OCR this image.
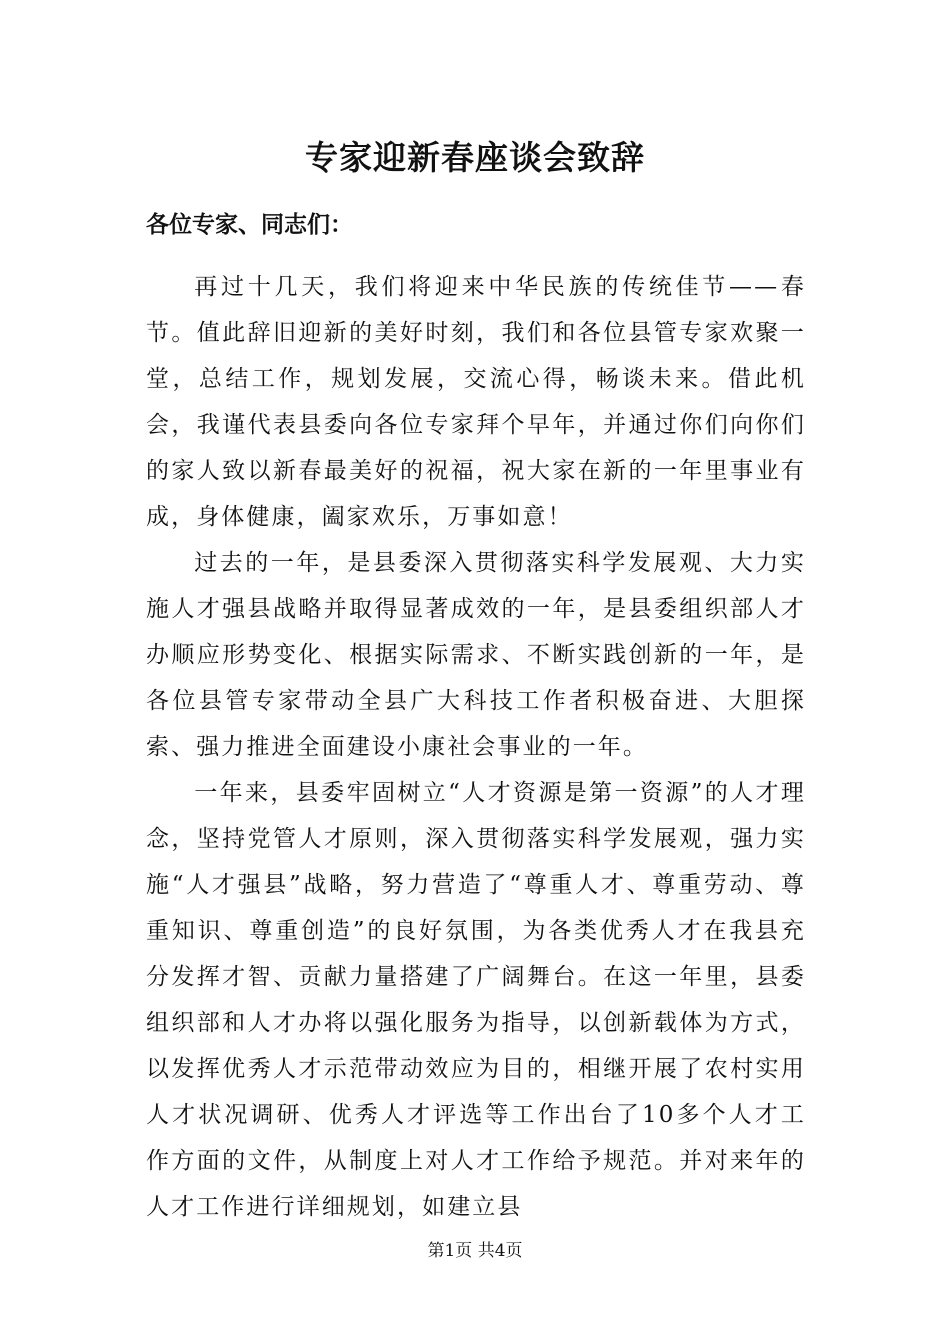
专家迎新春座谈会致辞
各位专家、同志们：

再过十几天，我们将迎来中华民族的传统佳节——春节。值此辞旧迎新的美好时刻，我们和各位县管专家欢聚一堂，总结工作，规划发展，交流心得，畅谈未来。借此机会，我谨代表县委向各位专家拜个早年，并通过你们向你们的家人致以新春最美好的祝福，祝大家在新的一年里事业有成，身体健康，阖家欢乐，万事如意！

过去的一年，是县委深入贯彻落实科学发展观、大力实施人才强县战略并取得显著成效的一年，是县委组织部人才办顺应形势变化、根据实际需求、不断实践创新的一年，是各位县管专家带动全县广大科技工作者积极奋进、大胆探索、强力推进全面建设小康社会事业的一年。

一年来，县委牢固树立“人才资源是第一资源”的人才理念，坚持党管人才原则，深入贯彻落实科学发展观，强力实施“人才强县”战略，努力营造了“尊重人才、尊重劳动、尊重知识、尊重创造”的良好氛围，为各类优秀人才在我县充分发挥才智、贡献力量搭建了广阔舞台。在这一年里，县委组织部和人才办将以强化服务为指导，以创新载体为方式，以发挥优秀人才示范带动效应为目的，相继开展了农村实用人才状况调研、优秀人才评选等工作出台了10多个人才工作方面的文件，从制度上对人才工作给予规范。并对来年的人才工作进行详细规划，如建立县

第1页 共4页
